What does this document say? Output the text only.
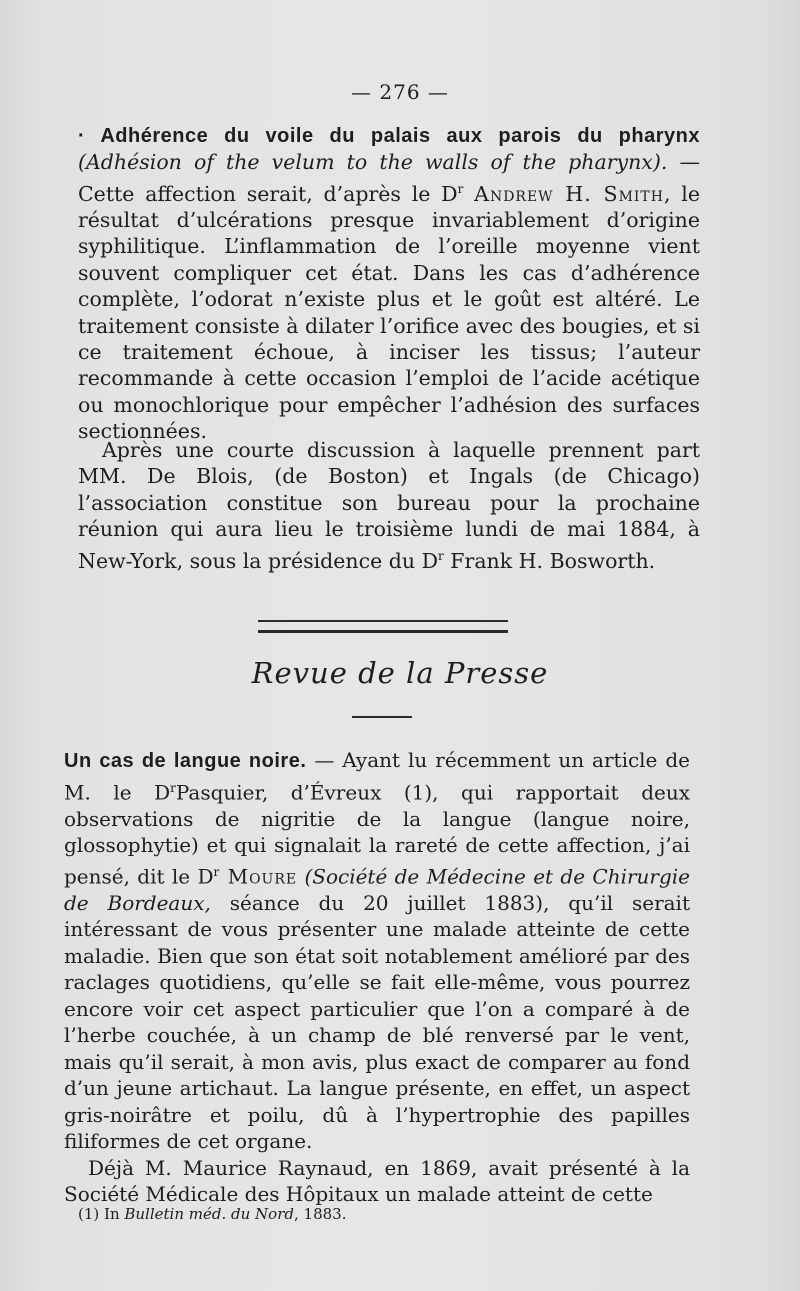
— 276 —

· Adhérence du voile du palais aux parois du pharynx (Adhésion of the velum to the walls of the pharynx). — Cette affection serait, d’après le $D^r$ Andrew H. Smith, le résultat d’ulcérations presque invariablement d’origine syphilitique. L’inflammation de l’oreille moyenne vient souvent compliquer cet état. Dans les cas d’adhérence complète, l’odorat n’existe plus et le goût est altéré. Le traitement consiste à dilater l’orifice avec des bougies, et si ce traitement échoue, à inciser les tissus; l’auteur recommande à cette occasion l’emploi de l’acide acétique ou monochlorique pour empêcher l’adhésion des surfaces sectionnées.

Après une courte discussion à laquelle prennent part MM. De Blois, (de Boston) et Ingals (de Chicago) l’association constitue son bureau pour la prochaine réunion qui aura lieu le troisième lundi de mai 1884, à New-York, sous la présidence du $D^r$ Frank H. Bosworth.

Revue de la Presse

Un cas de langue noire. — Ayant lu récemment un article de M. le $D^rPasquier$, d’Évreux (1), qui rapportait deux observations de nigritie de la langue (langue noire, glossophytie) et qui signalait la rareté de cette affection, j’ai pensé, dit le $D^r$ Moure (Société de Médecine et de Chirurgie de Bordeaux, séance du 20 juillet 1883), qu’il serait intéressant de vous présenter une malade atteinte de cette maladie. Bien que son état soit notablement amélioré par des raclages quotidiens, qu’elle se fait elle-même, vous pourrez encore voir cet aspect particulier que l’on a comparé à de l’herbe couchée, à un champ de blé renversé par le vent, mais qu’il serait, à mon avis, plus exact de comparer au fond d’un jeune artichaut. La langue présente, en effet, un aspect gris-noirâtre et poilu, dû à l’hypertrophie des papilles filiformes de cet organe.

Déjà M. Maurice Raynaud, en 1869, avait présenté à la Société Médicale des Hôpitaux un malade atteint de cette

(1) In Bulletin méd. du Nord, 1883.
